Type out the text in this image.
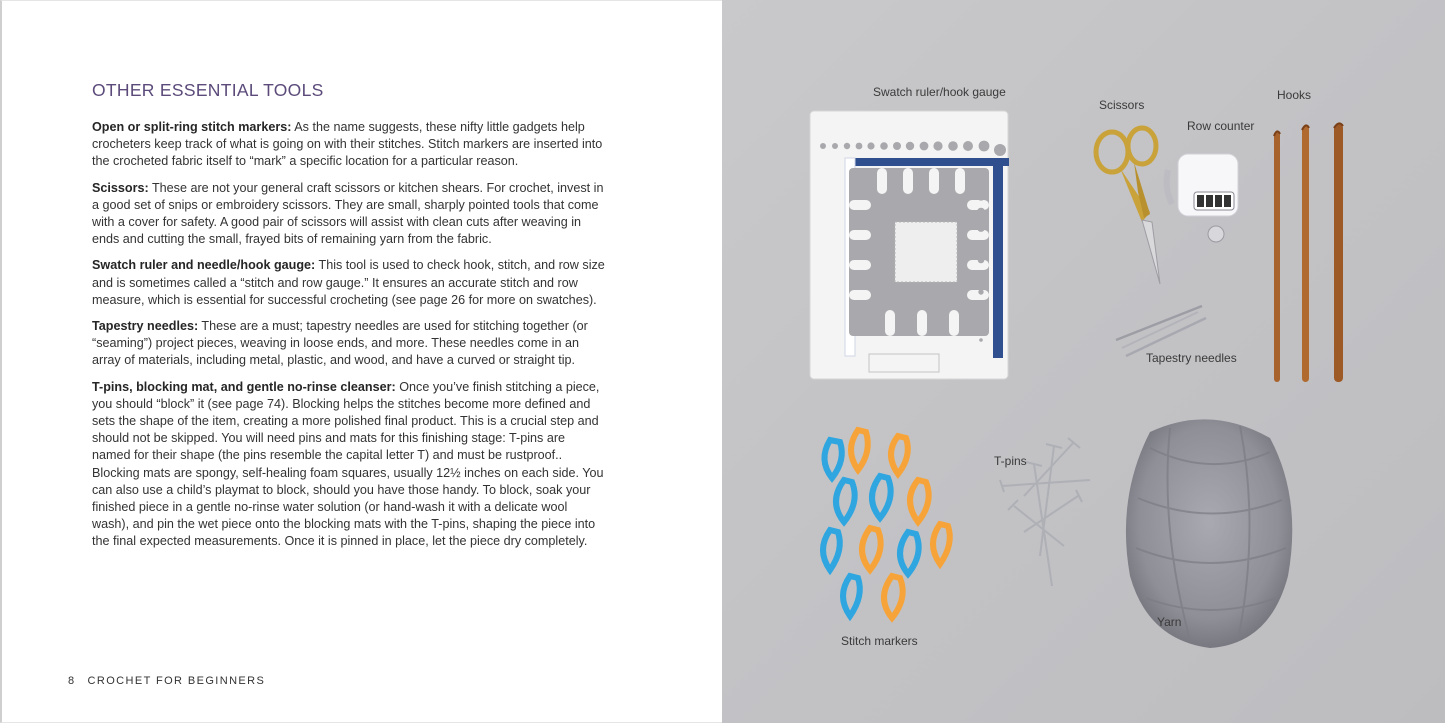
OTHER ESSENTIAL TOOLS

Open or split-ring stitch markers: As the name suggests, these nifty little gadgets help crocheters keep track of what is going on with their stitches. Stitch markers are inserted into the crocheted fabric itself to “mark” a specific location for a particular reason.

Scissors: These are not your general craft scissors or kitchen shears. For crochet, invest in a good set of snips or embroidery scissors. They are small, sharply pointed tools that come with a cover for safety. A good pair of scissors will assist with clean cuts after weaving in ends and cutting the small, frayed bits of remaining yarn from the fabric.

Swatch ruler and needle/hook gauge: This tool is used to check hook, stitch, and row size and is sometimes called a “stitch and row gauge.” It ensures an accurate stitch and row measure, which is essential for successful crocheting (see page 26 for more on swatches).

Tapestry needles: These are a must; tapestry needles are used for stitching together (or “seaming”) project pieces, weaving in loose ends, and more. These needles come in an array of materials, including metal, plastic, and wood, and have a curved or straight tip.

T-pins, blocking mat, and gentle no-rinse cleanser: Once you’ve finish stitching a piece, you should “block” it (see page 74). Blocking helps the stitches become more defined and sets the shape of the item, creating a more polished final product. This is a crucial step and should not be skipped. You will need pins and mats for this finishing stage: T-pins are named for their shape (the pins resemble the capital letter T) and must be rustproof.. Blocking mats are spongy, self-healing foam squares, usually 12½ inches on each side. You can also use a child’s playmat to block, should you have those handy. To block, soak your finished piece in a gentle no-rinse water solution (or hand-wash it with a delicate wool wash), and pin the wet piece onto the blocking mats with the T-pins, shaping the piece into the final expected measurements. Once it is pinned in place, let the piece dry completely.

8 CROCHET FOR BEGINNERS
Swatch ruler/hook gauge
Scissors
Row counter
Hooks
Tapestry needles
T-pins
Stitch markers
Yarn
